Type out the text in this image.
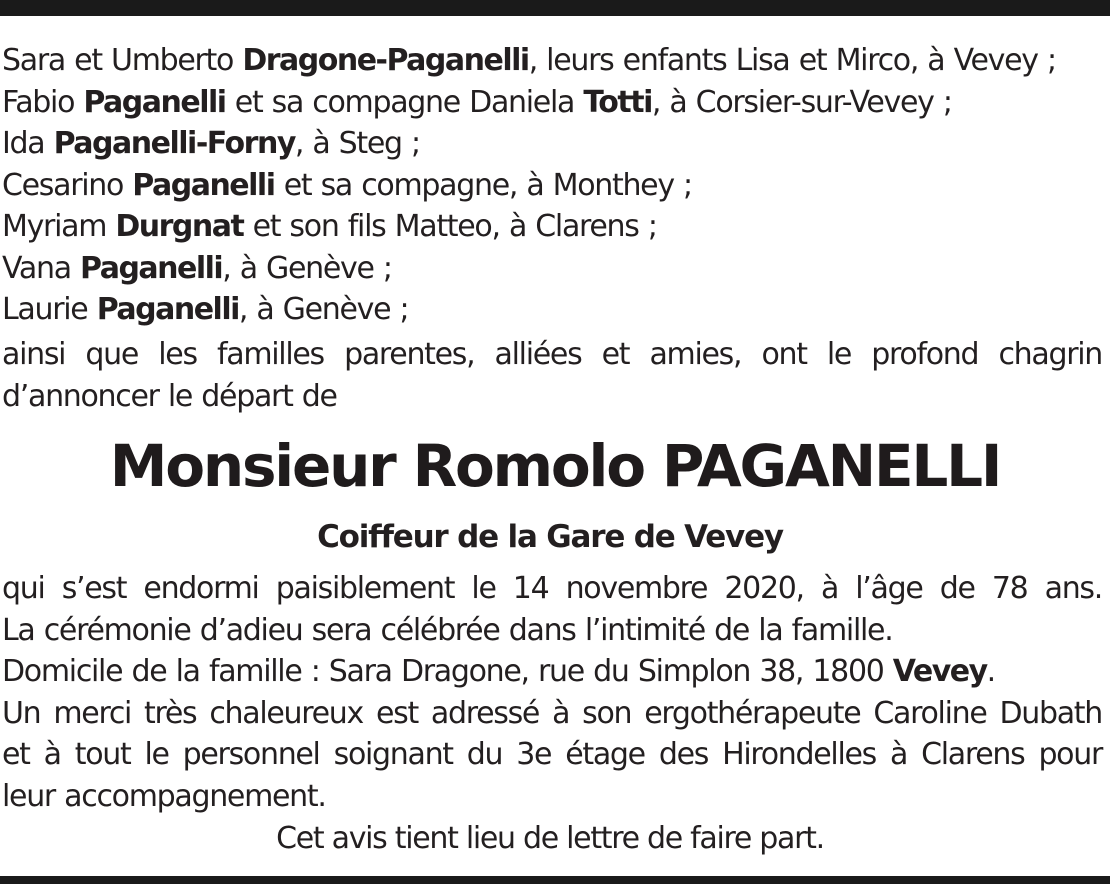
Sara et Umberto Dragone-Paganelli, leurs enfants Lisa et Mirco, à Vevey ;
Fabio Paganelli et sa compagne Daniela Totti, à Corsier-sur-Vevey ;
Ida Paganelli-Forny, à Steg ;
Cesarino Paganelli et sa compagne, à Monthey ;
Myriam Durgnat et son fils Matteo, à Clarens ;
Vana Paganelli, à Genève ;
Laurie Paganelli, à Genève ;
ainsi que les familles parentes, alliées et amies, ont le profond chagrin
d’annoncer le départ de
Monsieur Romolo PAGANELLI
Coiffeur de la Gare de Vevey
qui s’est endormi paisiblement le 14 novembre 2020, à l’âge de 78 ans.
La cérémonie d’adieu sera célébrée dans l’intimité de la famille.
Domicile de la famille : Sara Dragone, rue du Simplon 38, 1800 Vevey.
Un merci très chaleureux est adressé à son ergothérapeute Caroline Dubath
et à tout le personnel soignant du 3e étage des Hirondelles à Clarens pour
leur accompagnement.
Cet avis tient lieu de lettre de faire part.
